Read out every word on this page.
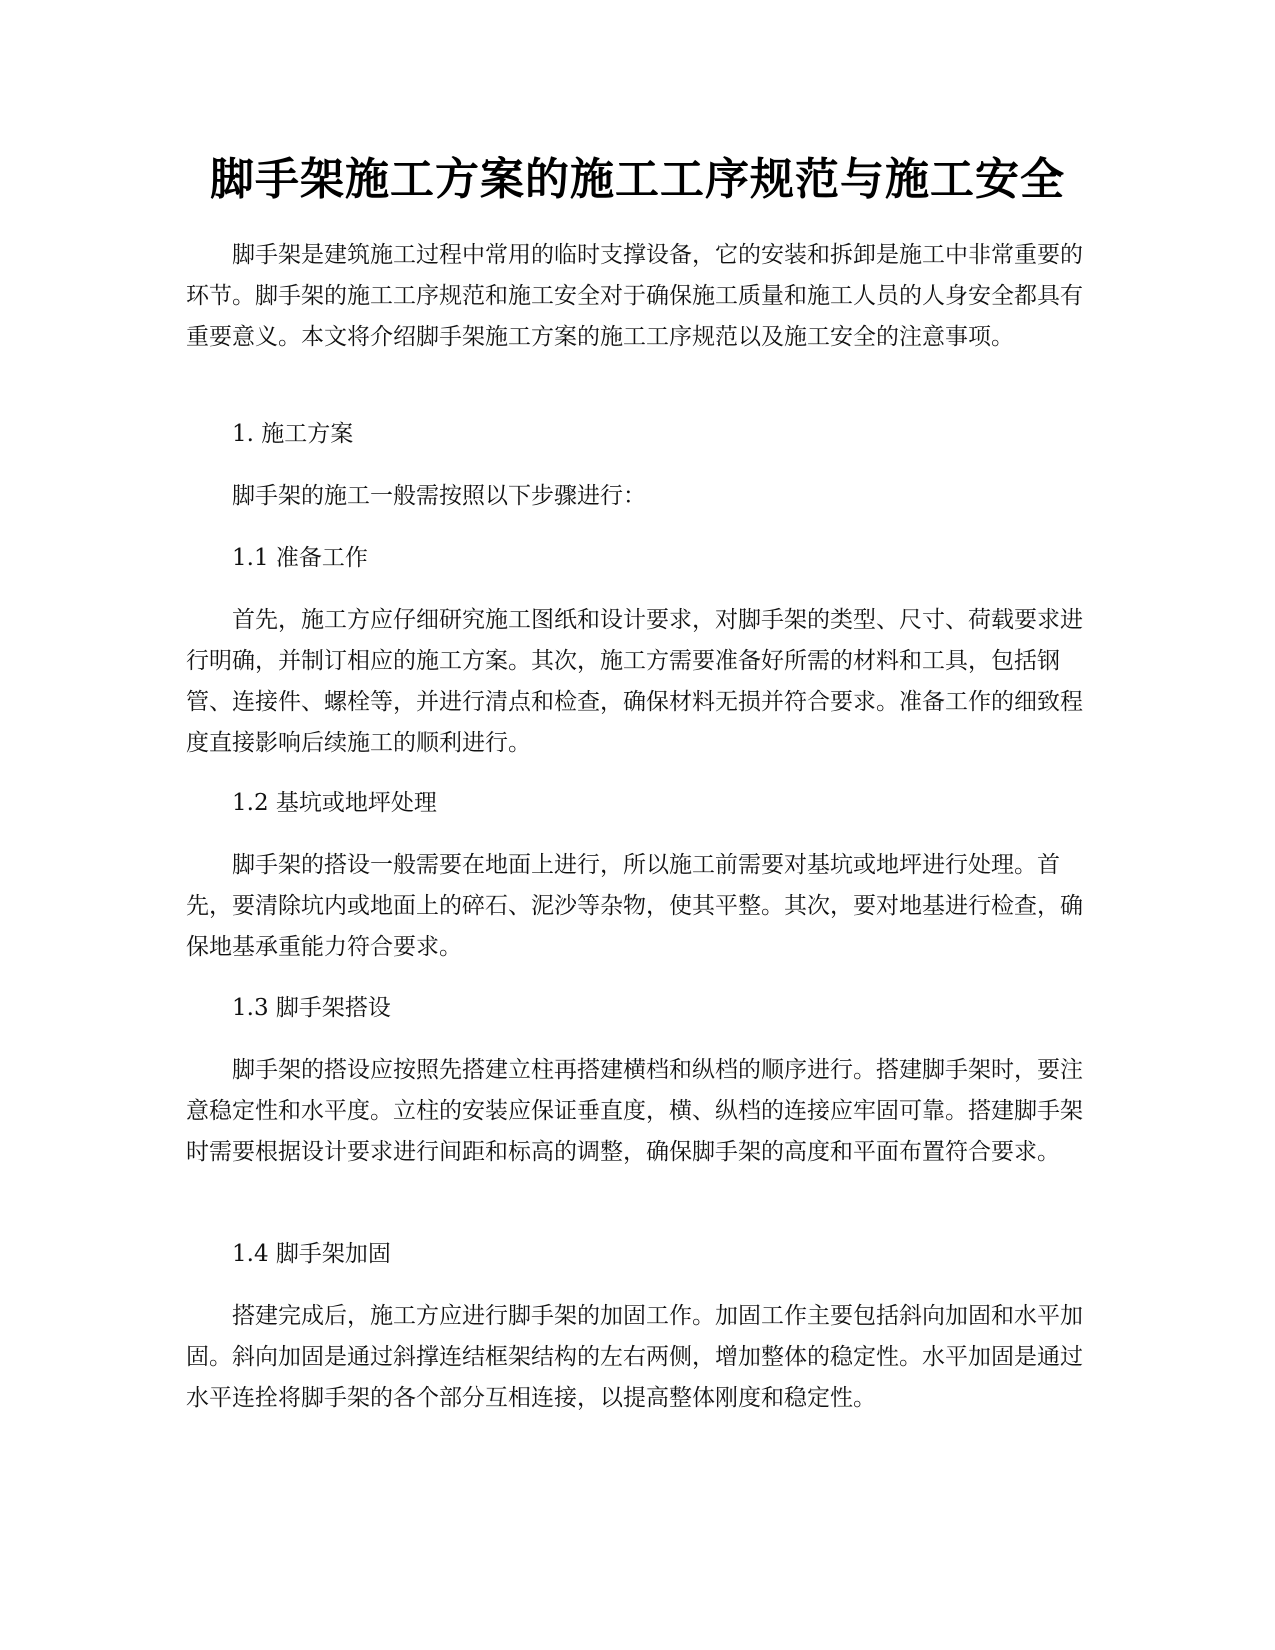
脚手架施工方案的施工工序规范与施工安全
脚手架是建筑施工过程中常用的临时支撑设备，它的安装和拆卸是施工中非常重要的环节。脚手架的施工工序规范和施工安全对于确保施工质量和施工人员的人身安全都具有重要意义。本文将介绍脚手架施工方案的施工工序规范以及施工安全的注意事项。
1. 施工方案
脚手架的施工一般需按照以下步骤进行：
1.1 准备工作
首先，施工方应仔细研究施工图纸和设计要求，对脚手架的类型、尺寸、荷载要求进行明确，并制订相应的施工方案。其次，施工方需要准备好所需的材料和工具，包括钢管、连接件、螺栓等，并进行清点和检查，确保材料无损并符合要求。准备工作的细致程度直接影响后续施工的顺利进行。
1.2 基坑或地坪处理
脚手架的搭设一般需要在地面上进行，所以施工前需要对基坑或地坪进行处理。首先，要清除坑内或地面上的碎石、泥沙等杂物，使其平整。其次，要对地基进行检查，确保地基承重能力符合要求。
1.3 脚手架搭设
脚手架的搭设应按照先搭建立柱再搭建横档和纵档的顺序进行。搭建脚手架时，要注意稳定性和水平度。立柱的安装应保证垂直度，横、纵档的连接应牢固可靠。搭建脚手架时需要根据设计要求进行间距和标高的调整，确保脚手架的高度和平面布置符合要求。
1.4 脚手架加固
搭建完成后，施工方应进行脚手架的加固工作。加固工作主要包括斜向加固和水平加固。斜向加固是通过斜撑连结框架结构的左右两侧，增加整体的稳定性。水平加固是通过水平连拴将脚手架的各个部分互相连接，以提高整体刚度和稳定性。
